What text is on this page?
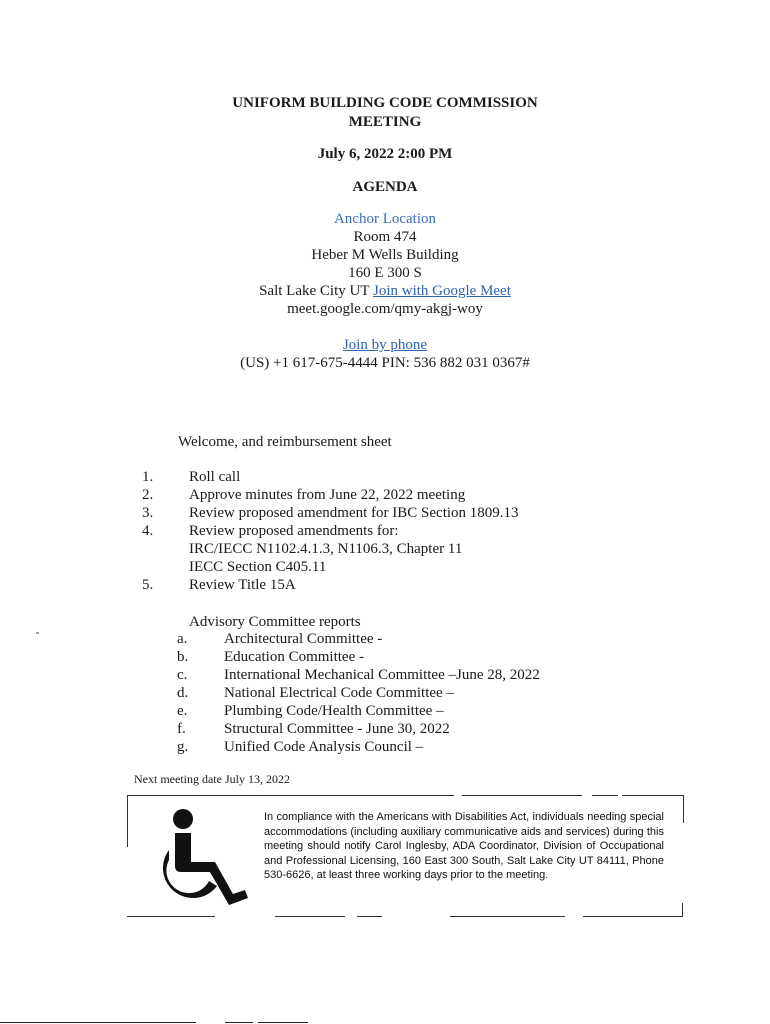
UNIFORM BUILDING CODE COMMISSION
MEETING
July 6, 2022 2:00 PM
AGENDA
Anchor Location
Room 474
Heber M Wells Building
160 E 300 S
Salt Lake City UT Join with Google Meet
meet.google.com/qmy-akgj-woy
Join by phone
(US) +1 617-675-4444 PIN: 536 882 031 0367#
Welcome, and reimbursement sheet
1. Roll call
2. Approve minutes from June 22, 2022 meeting
3. Review proposed amendment for IBC Section 1809.13
4. Review proposed amendments for:
IRC/IECC N1102.4.1.3, N1106.3, Chapter 11
IECC Section C405.11
5. Review Title 15A
Advisory Committee reports
a. Architectural Committee -
b. Education Committee -
c. International Mechanical Committee –June 28, 2022
d. National Electrical Code Committee –
e. Plumbing Code/Health Committee –
f.	Structural Committee - June 30, 2022
g. Unified Code Analysis Council –
Next meeting date July 13, 2022
In compliance with the Americans with Disabilities Act, individuals needing special accommodations (including auxiliary communicative aids and services) during this meeting should notify Carol Inglesby, ADA Coordinator, Division of Occupational and Professional Licensing, 160 East 300 South, Salt Lake City UT 84111, Phone 530-6626, at least three working days prior to the meeting.
